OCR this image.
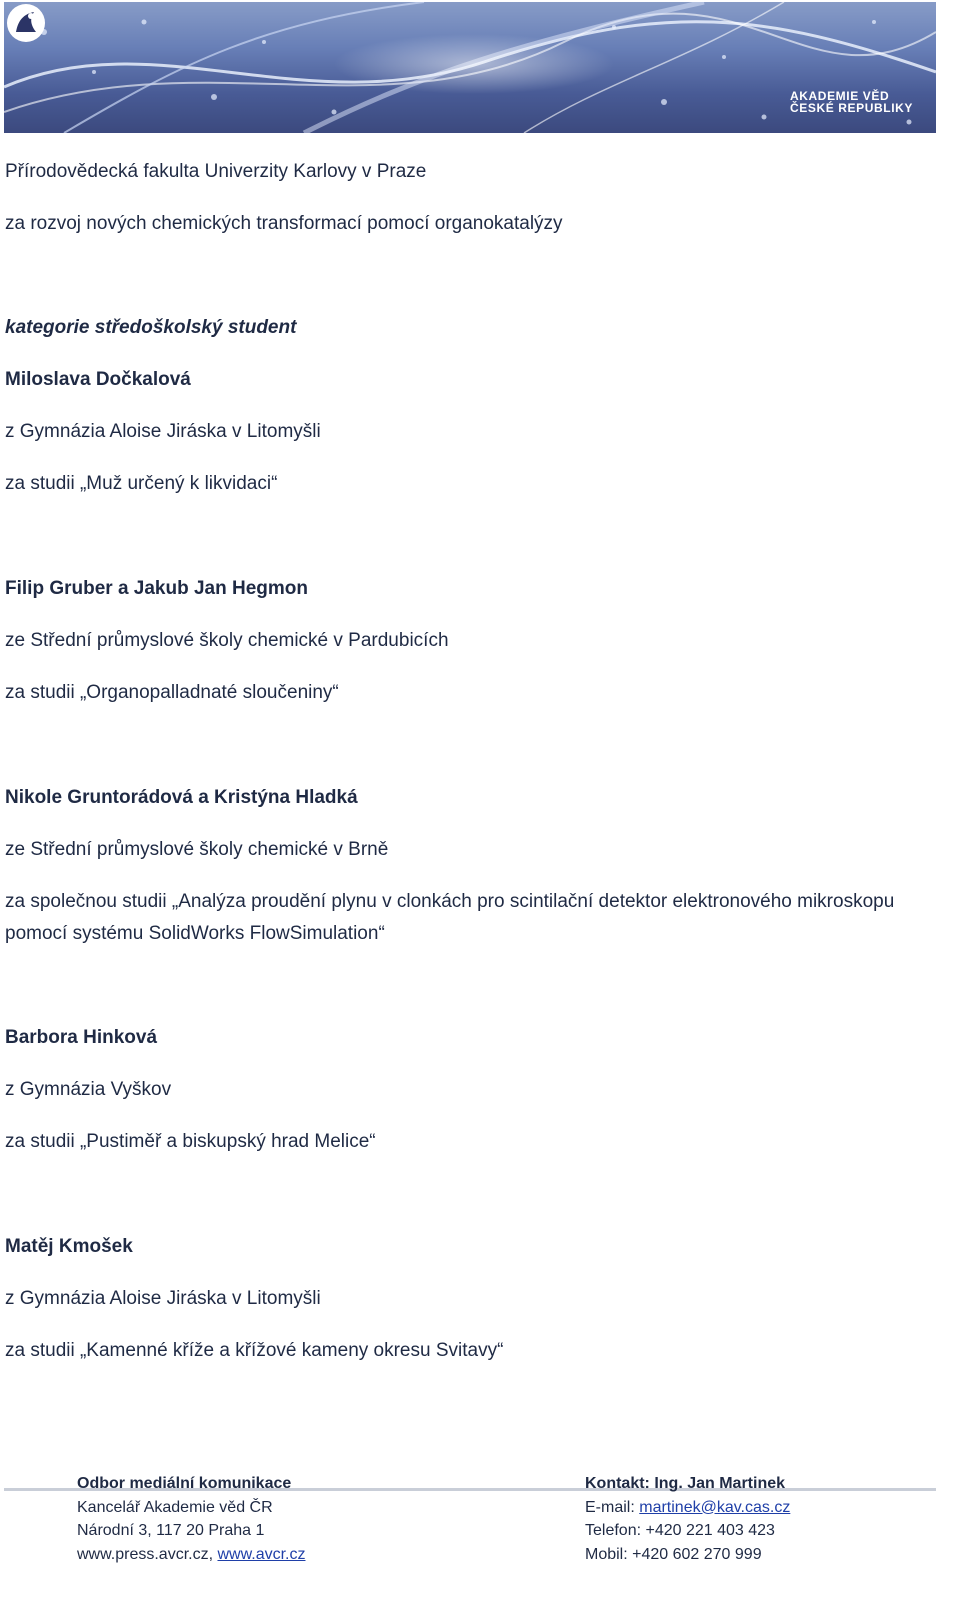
AKADEMIE VĚD
ČESKÉ REPUBLIKY
Přírodovědecká fakulta Univerzity Karlovy v Praze
za rozvoj nových chemických transformací pomocí organokatalýzy
kategorie středoškolský student
Miloslava Dočkalová
z Gymnázia Aloise Jiráska v Litomyšli
za studii „Muž určený k likvidaci“
Filip Gruber a Jakub Jan Hegmon
ze Střední průmyslové školy chemické v Pardubicích
za studii „Organopalladnaté sloučeniny“
Nikole Gruntorádová a Kristýna Hladká
ze Střední průmyslové školy chemické v Brně
za společnou studii „Analýza proudění plynu v clonkách pro scintilační detektor elektronového mikroskopu pomocí systému SolidWorks FlowSimulation“
Barbora Hinková
z Gymnázia Vyškov
za studii „Pustiměř a biskupský hrad Melice“
Matěj Kmošek
z Gymnázia Aloise Jiráska v Litomyšli
za studii „Kamenné kříže a křížové kameny okresu Svitavy“
Odbor mediální komunikace
Kancelář Akademie věd ČR
Národní 3, 117 20 Praha 1
www.press.avcr.cz, www.avcr.cz
Kontakt: Ing. Jan Martinek
E-mail: martinek@kav.cas.cz
Telefon: +420 221 403 423
Mobil: +420 602 270 999
